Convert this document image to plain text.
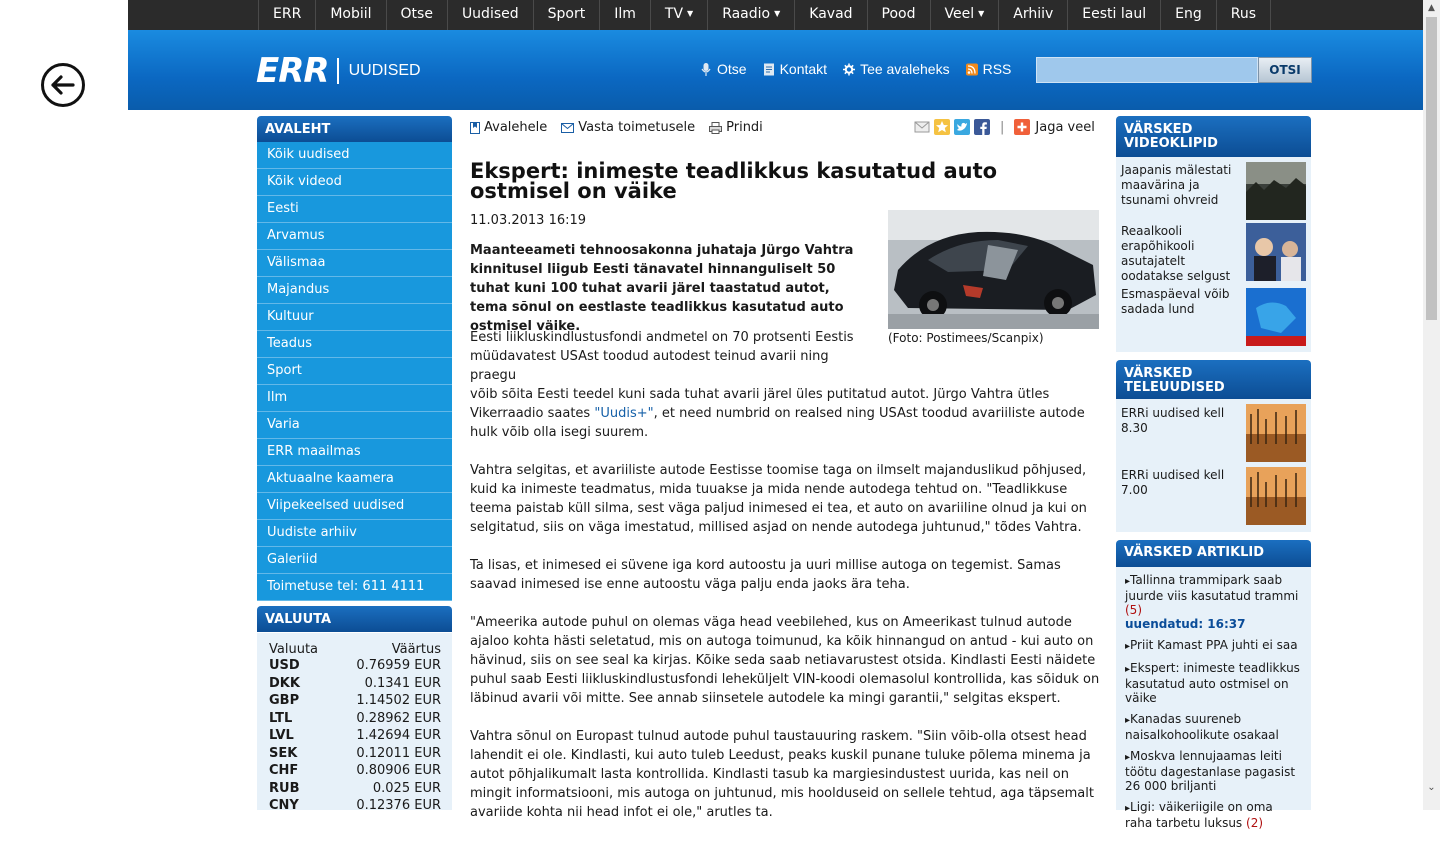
ERR	Mobiil	Otse	Uudised	Sport	Ilm	TV ▼	Raadio ▼	Kavad	Pood	Veel ▼	Arhiiv	Eesti laul	Eng	Rus
ERR UUDISED	Otse Kontakt Tee avaleheks RSS	OTSI
▲
⌄
AVALEHT
Kõik uudised
Kõik videod
Eesti
Arvamus
Välismaa
Majandus
Kultuur
Teadus
Sport
Ilm
Varia
ERR maailmas
Aktuaalne kaamera
Viipekeelsed uudised
Uudiste arhiiv
Galeriid
Toimetuse tel: 611 4111
VALUUTA
Valuuta	Väärtus
USD	0.76959 EUR
DKK	0.1341 EUR
GBP	1.14502 EUR
LTL	0.28962 EUR
LVL	1.42694 EUR
SEK	0.12011 EUR
CHF	0.80906 EUR
RUB	0.025 EUR
CNY	0.12376 EUR
Avalehele Vasta toimetusele Prindi	| Jaga veel
Ekspert: inimeste teadlikkus kasutatud auto ostmisel on väike
11.03.2013 16:19
Maanteeameti tehnoosakonna juhataja Jürgo Vahtra kinnitusel liigub Eesti tänavatel hinnanguliselt 50 tuhat kuni 100 tuhat avarii järel taastatud autot, tema sõnul on eestlaste teadlikkus kasutatud auto ostmisel väike.
(Foto: Postimees/Scanpix)

Eesti liikluskindlustusfondi andmetel on 70 protsenti Eestis müüdavatest USAst toodud autodest teinud avarii ning praegu

võib sõita Eesti teedel kuni sada tuhat avarii järel üles putitatud autot. Jürgo Vahtra ütles Vikerraadio saates "Uudis+", et need numbrid on realsed ning USAst toodud avariiliste autode hulk võib olla isegi suurem.

Vahtra selgitas, et avariiliste autode Eestisse toomise taga on ilmselt majanduslikud põhjused, kuid ka inimeste teadmatus, mida tuuakse ja mida nende autodega tehtud on. "Teadlikkuse teema paistab küll silma, sest väga paljud inimesed ei tea, et auto on avariiline olnud ja kui on selgitatud, siis on väga imestatud, millised asjad on nende autodega juhtunud," tõdes Vahtra.

Ta lisas, et inimesed ei süvene iga kord autoostu ja uuri millise autoga on tegemist. Samas saavad inimesed ise enne autoostu väga palju enda jaoks ära teha.

"Ameerika autode puhul on olemas väga head veebilehed, kus on Ameerikast tulnud autode ajaloo kohta hästi seletatud, mis on autoga toimunud, ka kõik hinnangud on antud - kui auto on hävinud, siis on see seal ka kirjas. Kõike seda saab netiavarustest otsida. Kindlasti Eesti näidete puhul saab Eesti liikluskindlustusfondi leheküljelt VIN-koodi olemasolul kontrollida, kas sõiduk on läbinud avarii või mitte. See annab siinsetele autodele ka mingi garantii," selgitas ekspert.

Vahtra sõnul on Europast tulnud autode puhul taustauuring raskem. "Siin võib-olla otsest head lahendit ei ole. Kindlasti, kui auto tuleb Leedust, peaks kuskil punane tuluke põlema minema ja autot põhjalikumalt lasta kontrollida. Kindlasti tasub ka margiesindustest uurida, kas neil on mingit informatsiooni, mis autoga on juhtunud, mis hoolduseid on sellele tehtud, aga täpsemalt avariide kohta nii head infot ei ole," arutles ta.

VÄRSKED
VIDEOKLIPID
Jaapanis mälestati maavärina ja tsunami ohvreid
Reaalkooli erapõhikooli asutajatelt oodatakse selgust
Esmaspäeval võib sadada lund
VÄRSKED
TELEUUDISED
ERRi uudised kell 8.30
ERRi uudised kell 7.00
VÄRSKED ARTIKLID
▸Tallinna trammipark saab juurde viis kasutatud trammi (5)
uuendatud: 16:37
▸Priit Kamast PPA juhti ei saa
▸Ekspert: inimeste teadlikkus kasutatud auto ostmisel on väike
▸Kanadas suureneb naisalkohoolikute osakaal
▸Moskva lennujaamas leiti töötu dagestanlase pagasist 26 000 briljanti
▸Ligi: väikeriigile on oma raha tarbetu luksus (2)
